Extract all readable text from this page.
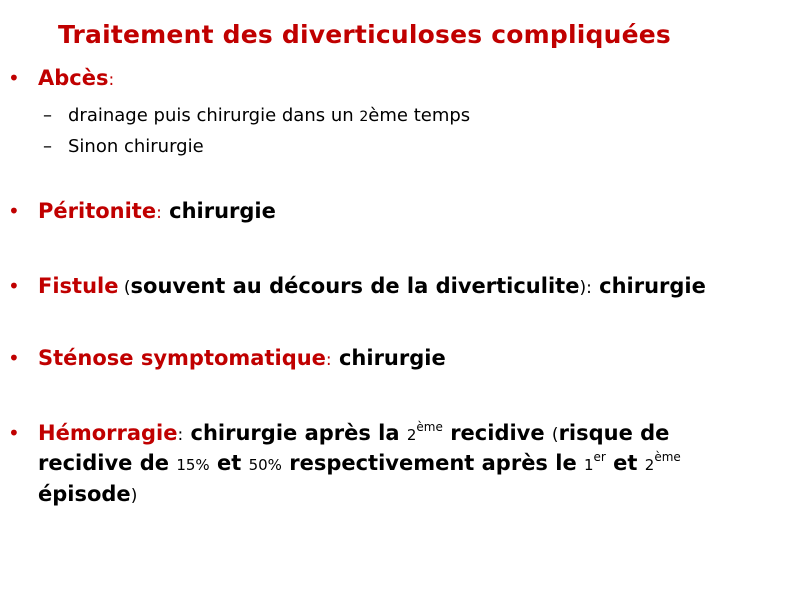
Traitement des diverticuloses compliquées
• Abcès:
– drainage puis chirurgie dans un 2ème temps
– Sinon chirurgie
• Péritonite: chirurgie
• Fistule (souvent au décours de la diverticulite): chirurgie
• Sténose symptomatique: chirurgie
• Hémorragie: chirurgie après la 2ème recidive (risque de
recidive de 15% et 50% respectivement après le 1er et 2ème
épisode)
